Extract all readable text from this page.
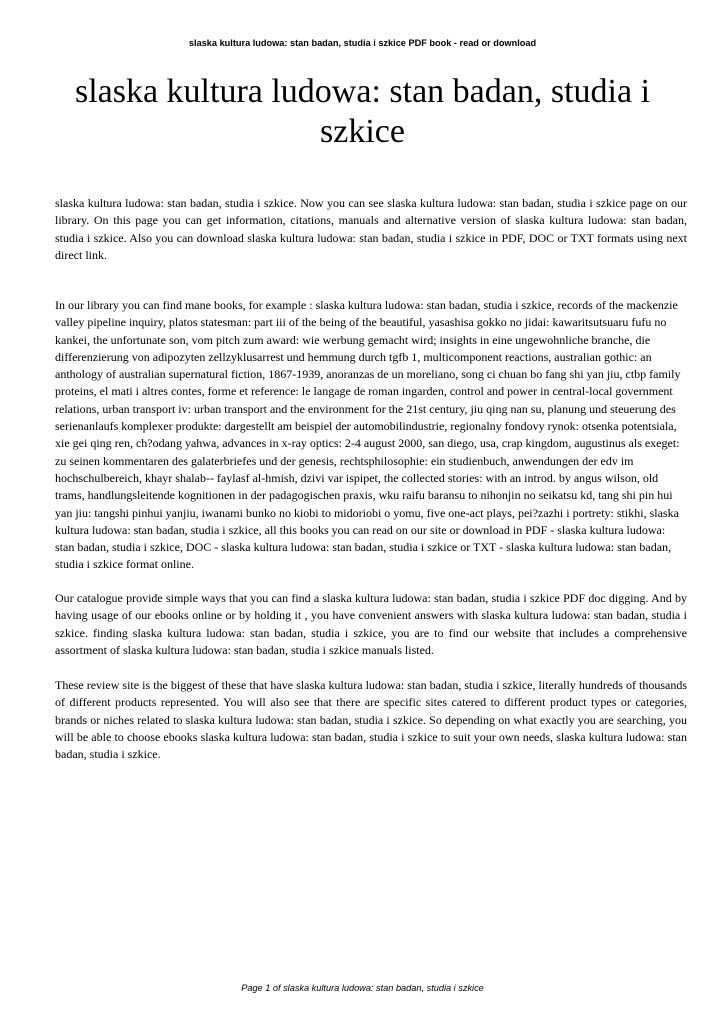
slaska kultura ludowa: stan badan, studia i szkice PDF book - read or download
slaska kultura ludowa: stan badan, studia i szkice

slaska kultura ludowa: stan badan, studia i szkice. Now you can see slaska kultura ludowa: stan badan, studia i szkice page on our library. On this page you can get information, citations, manuals and alternative version of slaska kultura ludowa: stan badan, studia i szkice. Also you can download slaska kultura ludowa: stan badan, studia i szkice in PDF, DOC or TXT formats using next direct link.

In our library you can find mane books, for example : slaska kultura ludowa: stan badan, studia i szkice, records of the mackenzie valley pipeline inquiry, platos statesman: part iii of the being of the beautiful, yasashisa gokko no jidai: kawaritsutsuaru fufu no kankei, the unfortunate son, vom pitch zum award: wie werbung gemacht wird; insights in eine ungewohnliche branche, die differenzierung von adipozyten zellzyklusarrest und hemmung durch tgfb 1, multicomponent reactions, australian gothic: an anthology of australian supernatural fiction, 1867-1939, anoranzas de un moreliano, song ci chuan bo fang shi yan jiu, ctbp family proteins, el mati i altres contes, forme et reference: le langage de roman ingarden, control and power in central-local government relations, urban transport iv: urban transport and the environment for the 21st century, jiu qing nan su, planung und steuerung des serienanlaufs komplexer produkte: dargestellt am beispiel der automobilindustrie, regionalny fondovy rynok: otsenka potentsiala, xie gei qing ren, ch?odang yahwa, advances in x-ray optics: 2-4 august 2000, san diego, usa, crap kingdom, augustinus als exeget: zu seinen kommentaren des galaterbriefes und der genesis, rechtsphilosophie: ein studienbuch, anwendungen der edv im hochschulbereich, khayr shalab-- faylasf al-hmish, dzivi var ispipet, the collected stories: with an introd. by angus wilson, old trams, handlungsleitende kognitionen in der padagogischen praxis, wku raifu baransu to nihonjin no seikatsu kd, tang shi pin hui yan jiu: tangshi pinhui yanjiu, iwanami bunko no kiobi to midoriobi o yomu, five one-act plays, pei?zazhi i portrety: stikhi, slaska kultura ludowa: stan badan, studia i szkice, all this books you can read on our site or download in PDF - slaska kultura ludowa: stan badan, studia i szkice, DOC - slaska kultura ludowa: stan badan, studia i szkice or TXT - slaska kultura ludowa: stan badan, studia i szkice format online.

Our catalogue provide simple ways that you can find a slaska kultura ludowa: stan badan, studia i szkice PDF doc digging. And by having usage of our ebooks online or by holding it , you have convenient answers with slaska kultura ludowa: stan badan, studia i szkice. finding slaska kultura ludowa: stan badan, studia i szkice, you are to find our website that includes a comprehensive assortment of slaska kultura ludowa: stan badan, studia i szkice manuals listed.

These review site is the biggest of these that have slaska kultura ludowa: stan badan, studia i szkice, literally hundreds of thousands of different products represented. You will also see that there are specific sites catered to different product types or categories, brands or niches related to slaska kultura ludowa: stan badan, studia i szkice. So depending on what exactly you are searching, you will be able to choose ebooks slaska kultura ludowa: stan badan, studia i szkice to suit your own needs, slaska kultura ludowa: stan badan, studia i szkice.

Page 1 of slaska kultura ludowa: stan badan, studia i szkice
